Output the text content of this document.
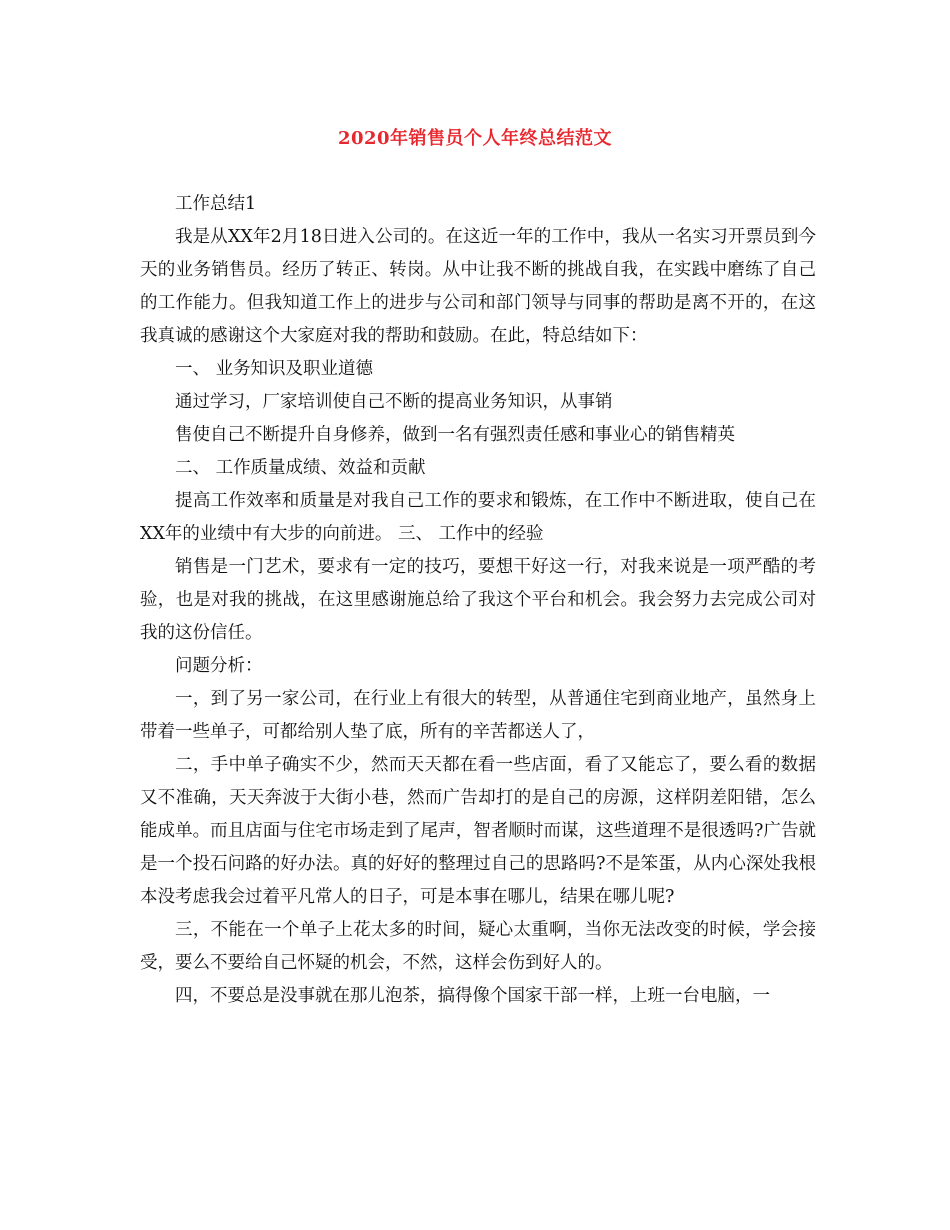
2020年销售员个人年终总结范文

工作总结1

我是从XX年2月18日进入公司的。在这近一年的工作中，我从一名实习开票员到今天的业务销售员。经历了转正、转岗。从中让我不断的挑战自我，在实践中磨练了自己的工作能力。但我知道工作上的进步与公司和部门领导与同事的帮助是离不开的，在这我真诚的感谢这个大家庭对我的帮助和鼓励。在此，特总结如下：

一、 业务知识及职业道德

通过学习，厂家培训使自己不断的提高业务知识，从事销

售使自己不断提升自身修养，做到一名有强烈责任感和事业心的销售精英

二、 工作质量成绩、效益和贡献

提高工作效率和质量是对我自己工作的要求和锻炼，在工作中不断进取，使自己在XX年的业绩中有大步的向前进。 三、 工作中的经验

销售是一门艺术，要求有一定的技巧，要想干好这一行，对我来说是一项严酷的考验，也是对我的挑战，在这里感谢施总给了我这个平台和机会。我会努力去完成公司对我的这份信任。

问题分析：

一，到了另一家公司，在行业上有很大的转型，从普通住宅到商业地产，虽然身上带着一些单子，可都给别人垫了底，所有的辛苦都送人了，

二，手中单子确实不少，然而天天都在看一些店面，看了又能忘了，要么看的数据又不准确，天天奔波于大街小巷，然而广告却打的是自己的房源，这样阴差阳错，怎么能成单。而且店面与住宅市场走到了尾声，智者顺时而谋，这些道理不是很透吗?广告就是一个投石问路的好办法。真的好好的整理过自己的思路吗?不是笨蛋，从内心深处我根本没考虑我会过着平凡常人的日子，可是本事在哪儿，结果在哪儿呢?

三，不能在一个单子上花太多的时间，疑心太重啊，当你无法改变的时候，学会接受，要么不要给自己怀疑的机会，不然，这样会伤到好人的。

四，不要总是没事就在那儿泡茶，搞得像个国家干部一样，上班一台电脑，一
